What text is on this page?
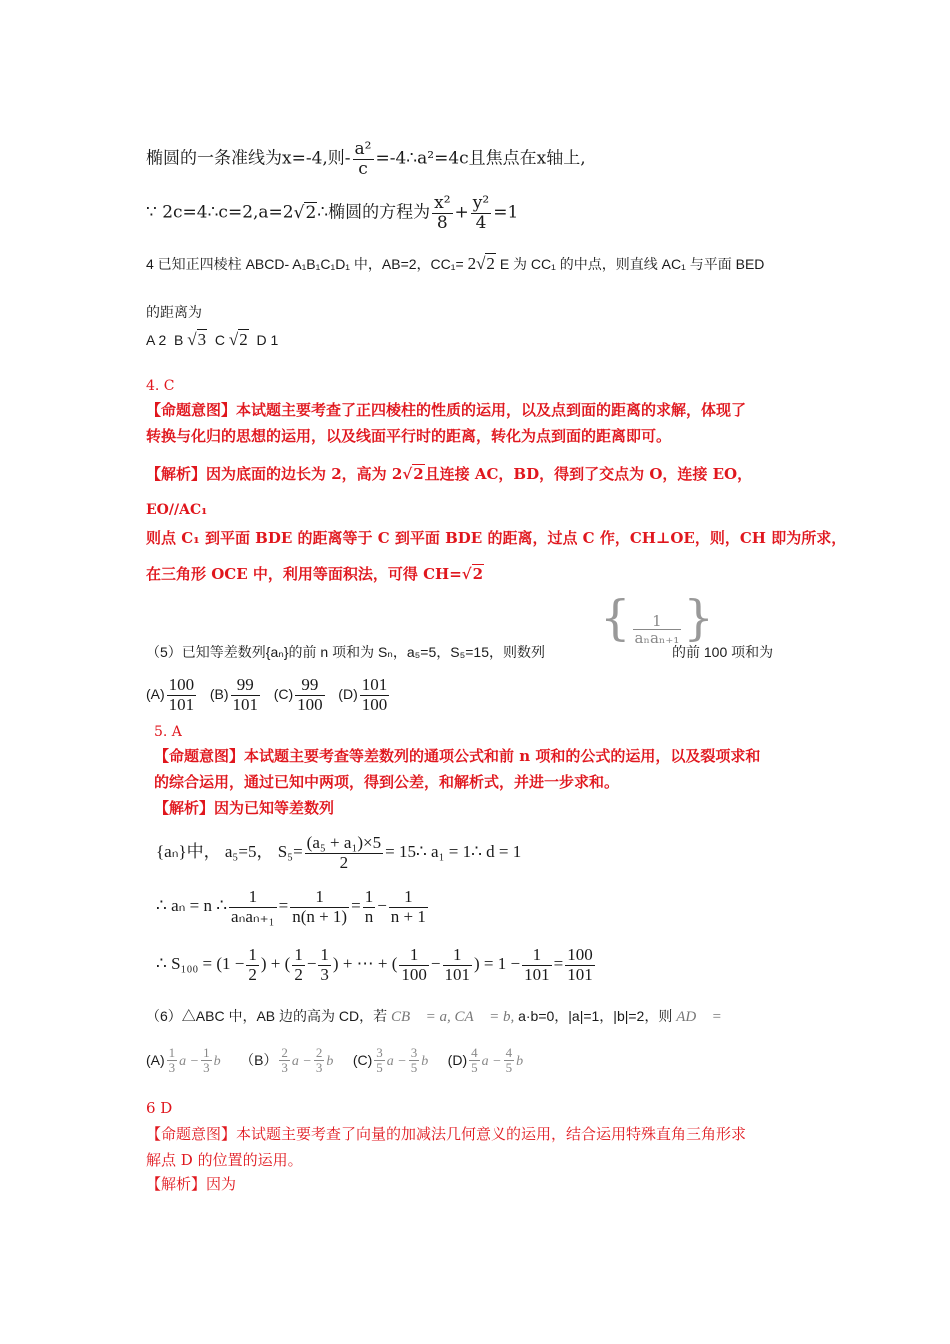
椭圆的一条准线为x=-4,则- $\frac{\text{a²}}{c}$ =-4∴a²=4c且焦点在x轴上,
∵ 2c=4∴c=2,a=2√2∴椭圆的方程为 $\frac{\text{x²}}{8} + \frac{\text{y²}}{4} =1$
4 已知正四棱柱 ABCD- A₁B₁C₁D₁ 中，AB=2，CC₁= 2√2 E 为 CC₁ 的中点，则直线 AC₁ 与平面 BED
的距离为
A 2 B √3 C √2 D 1
4. C
【命题意图】本试题主要考查了正四棱柱的性质的运用，以及点到面的距离的求解，体现了
转换与化归的思想的运用，以及线面平行时的距离，转化为点到面的距离即可。
【解析】因为底面的边长为 2，高为 2√2且连接 AC，BD，得到了交点为 O，连接 EO，
EO//AC₁
则点 C₁ 到平面 BDE 的距离等于 C 到平面 BDE 的距离，过点 C 作，CH⊥OE，则，CH 即为所求，
在三角形 OCE 中，利用等面积法，可得 CH=√2
（5）已知等差数列{aₙ}的前 n 项和为 Sₙ，a₅=5，S₅=15，则数列
{ $\frac{1}{\text{aₙaₙ₊₁}}$ }
的前 100 项和为
$(A) \frac{100}{101} (B) \frac{99}{101} (C) \frac{99}{100} (D) \frac{101}{100}$
5. A
【命题意图】本试题主要考查等差数列的通项公式和前 n 项和的公式的运用，以及裂项求和
的综合运用，通过已知中两项，得到公差，和解析式，并进一步求和。
【解析】因为已知等差数列
{aₙ}中， a₅=5， $S_5= \frac{\text{(a₅ + a₁)×5}}{2}$ = 15∴ a₁ = 1∴ d = 1
∴ aₙ = n ∴ $\frac{1}{\text{aₙaₙ₊₁}} = \frac{1}{n(n + 1)} = \frac{1}{n} - \frac{1}{n + 1}$
∴ $S_{100} = (1 - \frac{1}{2}$ ) + ( $\frac{1}{2} - \frac{1}{3}$ ) + ⋯ + ( $\frac{1}{100} - \frac{1}{101}$ ) = $1 - \frac{1}{101} = \frac{100}{101}$
（6）△ABC 中，AB 边的高为 CD，若 CB⃗ = a, CA⃗ = b, a·b=0，|a|=1，|b|=2，则 AD⃗ =
$(A) \frac{1}{3}$ $a - \frac{1}{3}$ b $(B) \frac{2}{3}$ $a - \frac{2}{3}$ b $(C) \frac{3}{5}$ $a - \frac{3}{5}$ b $(D) \frac{4}{5}$ $a - \frac{4}{5}$ b
6 D
【命题意图】本试题主要考查了向量的加减法几何意义的运用，结合运用特殊直角三角形求
解点 D 的位置的运用。
【解析】因为
